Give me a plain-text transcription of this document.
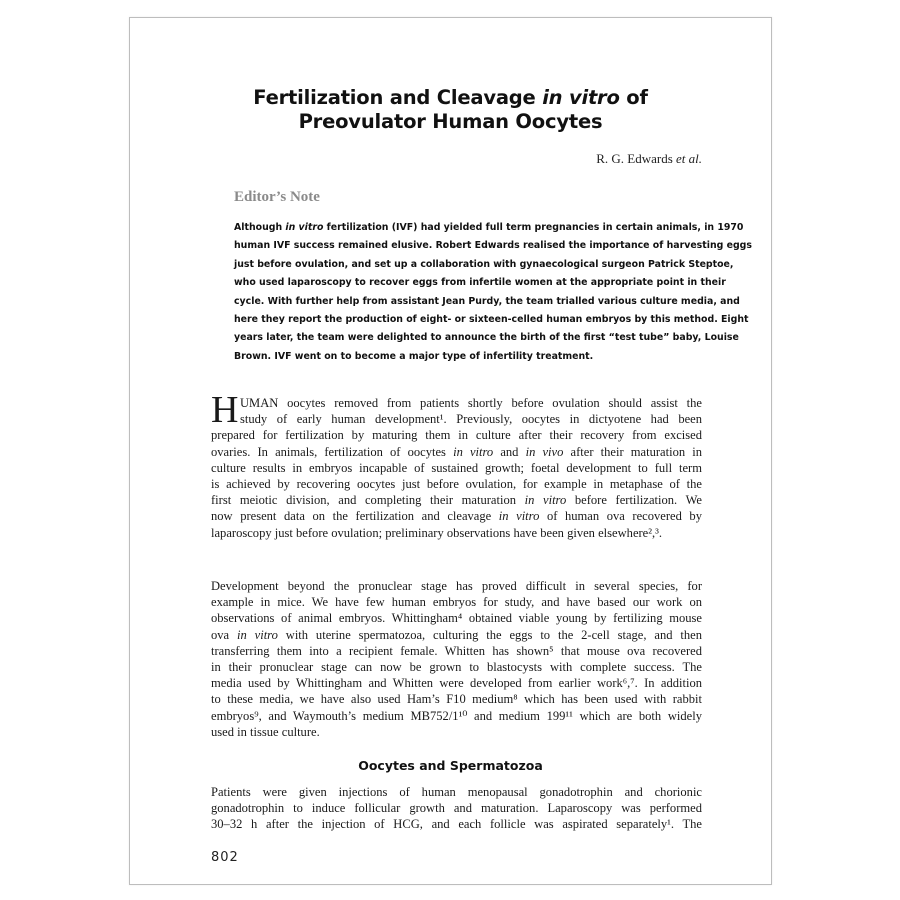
Fertilization and Cleavage in vitro of
Preovulator Human Oocytes
R. G. Edwards et al.
Editor’s Note
Although in vitro fertilization (IVF) had yielded full term pregnancies in certain animals, in 1970
human IVF success remained elusive. Robert Edwards realised the importance of harvesting eggs
just before ovulation, and set up a collaboration with gynaecological surgeon Patrick Steptoe,
who used laparoscopy to recover eggs from infertile women at the appropriate point in their
cycle. With further help from assistant Jean Purdy, the team trialled various culture media, and
here they report the production of eight- or sixteen-celled human embryos by this method. Eight
years later, the team were delighted to announce the birth of the first “test tube” baby, Louise
Brown. IVF went on to become a major type of infertility treatment.
H UMAN oocytes removed from patients shortly before ovulation should assist the
study of early human development¹. Previously, oocytes in dictyotene had been
prepared for fertilization by maturing them in culture after their recovery from excised
ovaries. In animals, fertilization of oocytes in vitro and in vivo after their maturation in
culture results in embryos incapable of sustained growth; foetal development to full term
is achieved by recovering oocytes just before ovulation, for example in metaphase of the
first meiotic division, and completing their maturation in vitro before fertilization. We
now present data on the fertilization and cleavage in vitro of human ova recovered by
laparoscopy just before ovulation; preliminary observations have been given elsewhere²,³.
Development beyond the pronuclear stage has proved difficult in several species, for
example in mice. We have few human embryos for study, and have based our work on
observations of animal embryos. Whittingham⁴ obtained viable young by fertilizing mouse
ova in vitro with uterine spermatozoa, culturing the eggs to the 2-cell stage, and then
transferring them into a recipient female. Whitten has shown⁵ that mouse ova recovered
in their pronuclear stage can now be grown to blastocysts with complete success. The
media used by Whittingham and Whitten were developed from earlier work⁶,⁷. In addition
to these media, we have also used Ham’s F10 medium⁸ which has been used with rabbit
embryos⁹, and Waymouth’s medium MB752/1¹⁰ and medium 199¹¹ which are both widely
used in tissue culture.
Oocytes and Spermatozoa
Patients were given injections of human menopausal gonadotrophin and chorionic
gonadotrophin to induce follicular growth and maturation. Laparoscopy was performed
30–32 h after the injection of HCG, and each follicle was aspirated separately¹. The
802
